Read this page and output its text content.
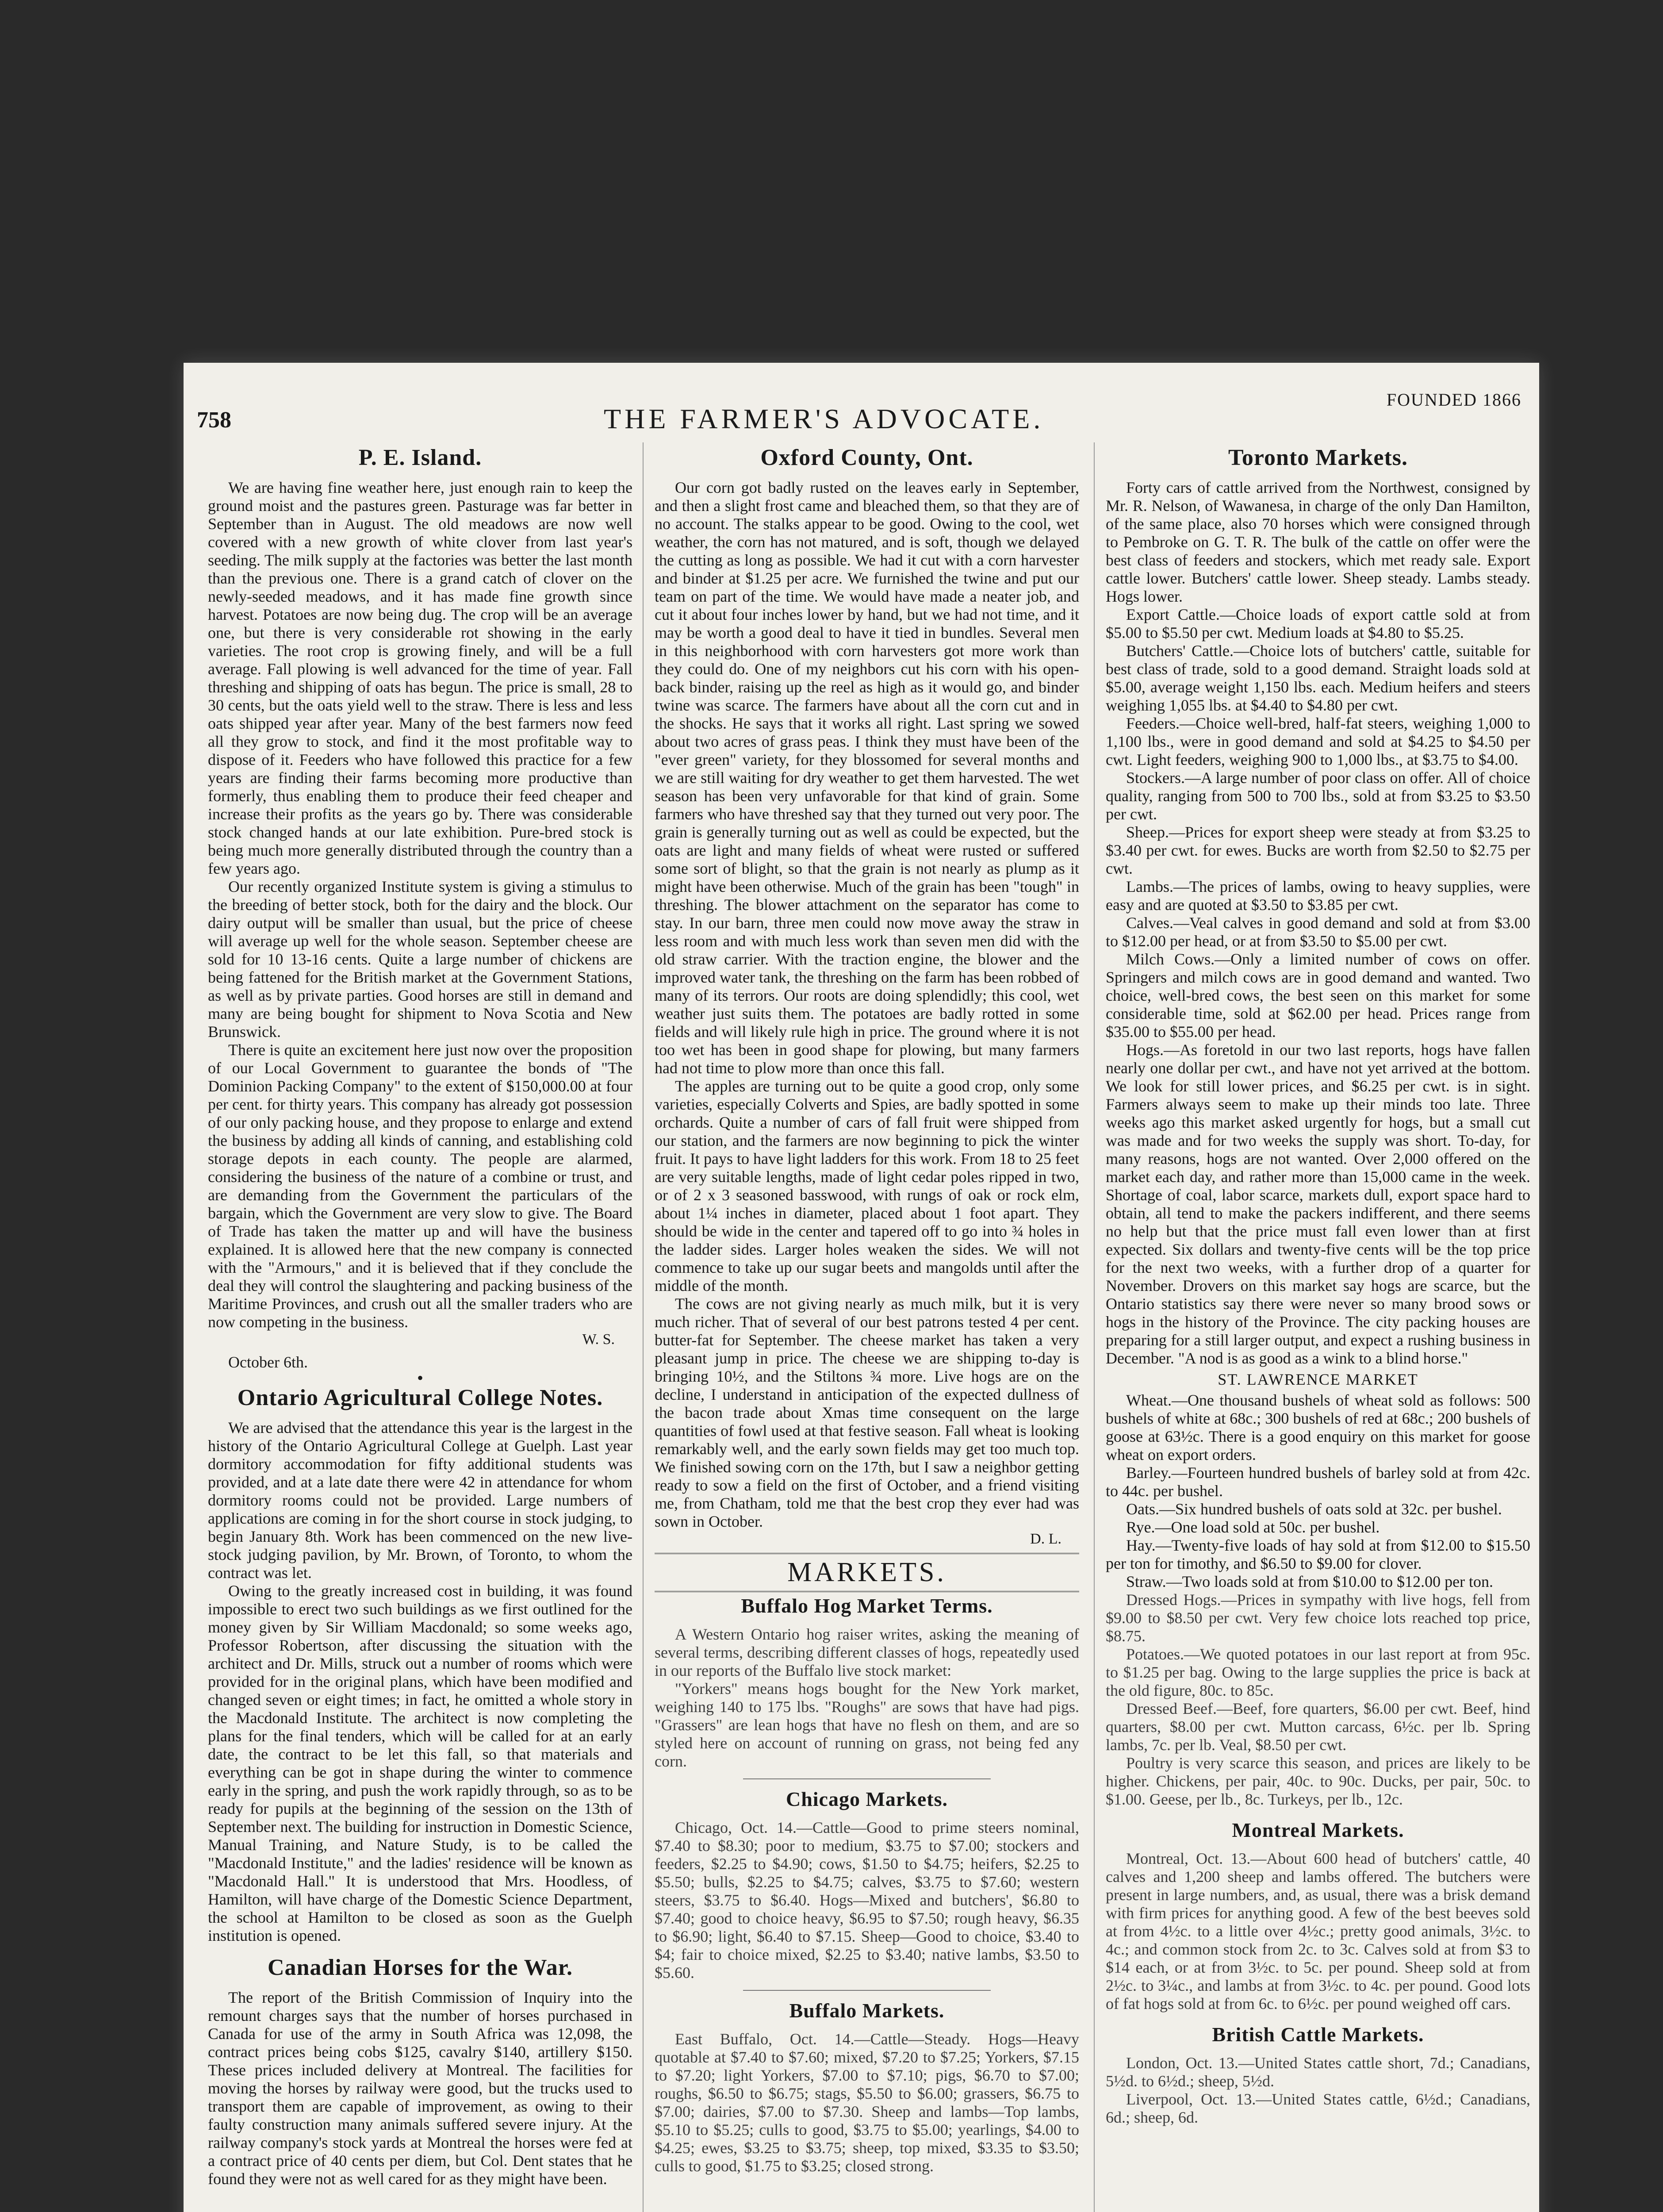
758	THE FARMER'S ADVOCATE.
FOUNDED 1866
P. E. Island.

We are having fine weather here, just enough rain to keep the ground moist and the pastures green. Pasturage was far better in September than in August. The old meadows are now well covered with a new growth of white clover from last year's seeding. The milk supply at the factories was better the last month than the previous one. There is a grand catch of clover on the newly-seeded meadows, and it has made fine growth since harvest. Potatoes are now being dug. The crop will be an average one, but there is very considerable rot showing in the early varieties. The root crop is growing finely, and will be a full average. Fall plowing is well advanced for the time of year. Fall threshing and shipping of oats has begun. The price is small, 28 to 30 cents, but the oats yield well to the straw. There is less and less oats shipped year after year. Many of the best farmers now feed all they grow to stock, and find it the most profitable way to dispose of it. Feeders who have followed this practice for a few years are finding their farms becoming more productive than formerly, thus enabling them to produce their feed cheaper and increase their profits as the years go by. There was considerable stock changed hands at our late exhibition. Pure-bred stock is being much more generally distributed through the country than a few years ago.

Our recently organized Institute system is giving a stimulus to the breeding of better stock, both for the dairy and the block. Our dairy output will be smaller than usual, but the price of cheese will average up well for the whole season. September cheese are sold for 10 13-16 cents. Quite a large number of chickens are being fattened for the British market at the Government Stations, as well as by private parties. Good horses are still in demand and many are being bought for shipment to Nova Scotia and New Brunswick.

There is quite an excitement here just now over the proposition of our Local Government to guarantee the bonds of "The Dominion Packing Company" to the extent of $150,000.00 at four per cent. for thirty years. This company has already got possession of our only packing house, and they propose to enlarge and extend the business by adding all kinds of canning, and establishing cold storage depots in each county. The people are alarmed, considering the business of the nature of a combine or trust, and are demanding from the Government the particulars of the bargain, which the Government are very slow to give. The Board of Trade has taken the matter up and will have the business explained. It is allowed here that the new company is connected with the "Armours," and it is believed that if they conclude the deal they will control the slaughtering and packing business of the Maritime Provinces, and crush out all the smaller traders who are now competing in the business.

W. S.
October 6th.
•
Ontario Agricultural College Notes.

We are advised that the attendance this year is the largest in the history of the Ontario Agricultural College at Guelph. Last year dormitory accommodation for fifty additional students was provided, and at a late date there were 42 in attendance for whom dormitory rooms could not be provided. Large numbers of applications are coming in for the short course in stock judging, to begin January 8th. Work has been commenced on the new live-stock judging pavilion, by Mr. Brown, of Toronto, to whom the contract was let.

Owing to the greatly increased cost in building, it was found impossible to erect two such buildings as we first outlined for the money given by Sir William Macdonald; so some weeks ago, Professor Robertson, after discussing the situation with the architect and Dr. Mills, struck out a number of rooms which were provided for in the original plans, which have been modified and changed seven or eight times; in fact, he omitted a whole story in the Macdonald Institute. The architect is now completing the plans for the final tenders, which will be called for at an early date, the contract to be let this fall, so that materials and everything can be got in shape during the winter to commence early in the spring, and push the work rapidly through, so as to be ready for pupils at the beginning of the session on the 13th of September next. The building for instruction in Domestic Science, Manual Training, and Nature Study, is to be called the "Macdonald Institute," and the ladies' residence will be known as "Macdonald Hall." It is understood that Mrs. Hoodless, of Hamilton, will have charge of the Domestic Science Department, the school at Hamilton to be closed as soon as the Guelph institution is opened.

Canadian Horses for the War.

The report of the British Commission of Inquiry into the remount charges says that the number of horses purchased in Canada for use of the army in South Africa was 12,098, the contract prices being cobs $125, cavalry $140, artillery $150. These prices included delivery at Montreal. The facilities for moving the horses by railway were good, but the trucks used to transport them are capable of improvement, as owing to their faulty construction many animals suffered severe injury. At the railway company's stock yards at Montreal the horses were fed at a contract price of 40 cents per diem, but Col. Dent states that he found they were not as well cared for as they might have been.

Oxford County, Ont.

Our corn got badly rusted on the leaves early in September, and then a slight frost came and bleached them, so that they are of no account. The stalks appear to be good. Owing to the cool, wet weather, the corn has not matured, and is soft, though we delayed the cutting as long as possible. We had it cut with a corn harvester and binder at $1.25 per acre. We furnished the twine and put our team on part of the time. We would have made a neater job, and cut it about four inches lower by hand, but we had not time, and it may be worth a good deal to have it tied in bundles. Several men in this neighborhood with corn harvesters got more work than they could do. One of my neighbors cut his corn with his open-back binder, raising up the reel as high as it would go, and binder twine was scarce. The farmers have about all the corn cut and in the shocks. He says that it works all right. Last spring we sowed about two acres of grass peas. I think they must have been of the "ever green" variety, for they blossomed for several months and we are still waiting for dry weather to get them harvested. The wet season has been very unfavorable for that kind of grain. Some farmers who have threshed say that they turned out very poor. The grain is generally turning out as well as could be expected, but the oats are light and many fields of wheat were rusted or suffered some sort of blight, so that the grain is not nearly as plump as it might have been otherwise. Much of the grain has been "tough" in threshing. The blower attachment on the separator has come to stay. In our barn, three men could now move away the straw in less room and with much less work than seven men did with the old straw carrier. With the traction engine, the blower and the improved water tank, the threshing on the farm has been robbed of many of its terrors. Our roots are doing splendidly; this cool, wet weather just suits them. The potatoes are badly rotted in some fields and will likely rule high in price. The ground where it is not too wet has been in good shape for plowing, but many farmers had not time to plow more than once this fall.

The apples are turning out to be quite a good crop, only some varieties, especially Colverts and Spies, are badly spotted in some orchards. Quite a number of cars of fall fruit were shipped from our station, and the farmers are now beginning to pick the winter fruit. It pays to have light ladders for this work. From 18 to 25 feet are very suitable lengths, made of light cedar poles ripped in two, or of 2 x 3 seasoned basswood, with rungs of oak or rock elm, about 1¼ inches in diameter, placed about 1 foot apart. They should be wide in the center and tapered off to go into ¾ holes in the ladder sides. Larger holes weaken the sides. We will not commence to take up our sugar beets and mangolds until after the middle of the month.

The cows are not giving nearly as much milk, but it is very much richer. That of several of our best patrons tested 4 per cent. butter-fat for September. The cheese market has taken a very pleasant jump in price. The cheese we are shipping to-day is bringing 10½, and the Stiltons ¾ more. Live hogs are on the decline, I understand in anticipation of the expected dullness of the bacon trade about Xmas time consequent on the large quantities of fowl used at that festive season. Fall wheat is looking remarkably well, and the early sown fields may get too much top. We finished sowing corn on the 17th, but I saw a neighbor getting ready to sow a field on the first of October, and a friend visiting me, from Chatham, told me that the best crop they ever had was sown in October.

D. L.
MARKETS.
Buffalo Hog Market Terms.

A Western Ontario hog raiser writes, asking the meaning of several terms, describing different classes of hogs, repeatedly used in our reports of the Buffalo live stock market:

"Yorkers" means hogs bought for the New York market, weighing 140 to 175 lbs. "Roughs" are sows that have had pigs. "Grassers" are lean hogs that have no flesh on them, and are so styled here on account of running on grass, not being fed any corn.

Chicago Markets.

Chicago, Oct. 14.—Cattle—Good to prime steers nominal, $7.40 to $8.30; poor to medium, $3.75 to $7.00; stockers and feeders, $2.25 to $4.90; cows, $1.50 to $4.75; heifers, $2.25 to $5.50; bulls, $2.25 to $4.75; calves, $3.75 to $7.60; western steers, $3.75 to $6.40. Hogs—Mixed and butchers', $6.80 to $7.40; good to choice heavy, $6.95 to $7.50; rough heavy, $6.35 to $6.90; light, $6.40 to $7.15. Sheep—Good to choice, $3.40 to $4; fair to choice mixed, $2.25 to $3.40; native lambs, $3.50 to $5.60.

Buffalo Markets.

East Buffalo, Oct. 14.—Cattle—Steady. Hogs—Heavy quotable at $7.40 to $7.60; mixed, $7.20 to $7.25; Yorkers, $7.15 to $7.20; light Yorkers, $7.00 to $7.10; pigs, $6.70 to $7.00; roughs, $6.50 to $6.75; stags, $5.50 to $6.00; grassers, $6.75 to $7.00; dairies, $7.00 to $7.30. Sheep and lambs—Top lambs, $5.10 to $5.25; culls to good, $3.75 to $5.00; yearlings, $4.00 to $4.25; ewes, $3.25 to $3.75; sheep, top mixed, $3.35 to $3.50; culls to good, $1.75 to $3.25; closed strong.

Toronto Markets.

Forty cars of cattle arrived from the Northwest, consigned by Mr. R. Nelson, of Wawanesa, in charge of the only Dan Hamilton, of the same place, also 70 horses which were consigned through to Pembroke on G. T. R. The bulk of the cattle on offer were the best class of feeders and stockers, which met ready sale. Export cattle lower. Butchers' cattle lower. Sheep steady. Lambs steady. Hogs lower.

Export Cattle.—Choice loads of export cattle sold at from $5.00 to $5.50 per cwt. Medium loads at $4.80 to $5.25.

Butchers' Cattle.—Choice lots of butchers' cattle, suitable for best class of trade, sold to a good demand. Straight loads sold at $5.00, average weight 1,150 lbs. each. Medium heifers and steers weighing 1,055 lbs. at $4.40 to $4.80 per cwt.

Feeders.—Choice well-bred, half-fat steers, weighing 1,000 to 1,100 lbs., were in good demand and sold at $4.25 to $4.50 per cwt. Light feeders, weighing 900 to 1,000 lbs., at $3.75 to $4.00.

Stockers.—A large number of poor class on offer. All of choice quality, ranging from 500 to 700 lbs., sold at from $3.25 to $3.50 per cwt.

Sheep.—Prices for export sheep were steady at from $3.25 to $3.40 per cwt. for ewes. Bucks are worth from $2.50 to $2.75 per cwt.

Lambs.—The prices of lambs, owing to heavy supplies, were easy and are quoted at $3.50 to $3.85 per cwt.

Calves.—Veal calves in good demand and sold at from $3.00 to $12.00 per head, or at from $3.50 to $5.00 per cwt.

Milch Cows.—Only a limited number of cows on offer. Springers and milch cows are in good demand and wanted. Two choice, well-bred cows, the best seen on this market for some considerable time, sold at $62.00 per head. Prices range from $35.00 to $55.00 per head.

Hogs.—As foretold in our two last reports, hogs have fallen nearly one dollar per cwt., and have not yet arrived at the bottom. We look for still lower prices, and $6.25 per cwt. is in sight. Farmers always seem to make up their minds too late. Three weeks ago this market asked urgently for hogs, but a small cut was made and for two weeks the supply was short. To-day, for many reasons, hogs are not wanted. Over 2,000 offered on the market each day, and rather more than 15,000 came in the week. Shortage of coal, labor scarce, markets dull, export space hard to obtain, all tend to make the packers indifferent, and there seems no help but that the price must fall even lower than at first expected. Six dollars and twenty-five cents will be the top price for the next two weeks, with a further drop of a quarter for November. Drovers on this market say hogs are scarce, but the Ontario statistics say there were never so many brood sows or hogs in the history of the Province. The city packing houses are preparing for a still larger output, and expect a rushing business in December. "A nod is as good as a wink to a blind horse."

ST. LAWRENCE MARKET

Wheat.—One thousand bushels of wheat sold as follows: 500 bushels of white at 68c.; 300 bushels of red at 68c.; 200 bushels of goose at 63½c. There is a good enquiry on this market for goose wheat on export orders.

Barley.—Fourteen hundred bushels of barley sold at from 42c. to 44c. per bushel.

Oats.—Six hundred bushels of oats sold at 32c. per bushel.

Rye.—One load sold at 50c. per bushel.

Hay.—Twenty-five loads of hay sold at from $12.00 to $15.50 per ton for timothy, and $6.50 to $9.00 for clover.

Straw.—Two loads sold at from $10.00 to $12.00 per ton.

Dressed Hogs.—Prices in sympathy with live hogs, fell from $9.00 to $8.50 per cwt. Very few choice lots reached top price, $8.75.

Potatoes.—We quoted potatoes in our last report at from 95c. to $1.25 per bag. Owing to the large supplies the price is back at the old figure, 80c. to 85c.

Dressed Beef.—Beef, fore quarters, $6.00 per cwt. Beef, hind quarters, $8.00 per cwt. Mutton carcass, 6½c. per lb. Spring lambs, 7c. per lb. Veal, $8.50 per cwt.

Poultry is very scarce this season, and prices are likely to be higher. Chickens, per pair, 40c. to 90c. Ducks, per pair, 50c. to $1.00. Geese, per lb., 8c. Turkeys, per lb., 12c.

Montreal Markets.

Montreal, Oct. 13.—About 600 head of butchers' cattle, 40 calves and 1,200 sheep and lambs offered. The butchers were present in large numbers, and, as usual, there was a brisk demand with firm prices for anything good. A few of the best beeves sold at from 4½c. to a little over 4½c.; pretty good animals, 3½c. to 4c.; and common stock from 2c. to 3c. Calves sold at from $3 to $14 each, or at from 3½c. to 5c. per pound. Sheep sold at from 2½c. to 3¼c., and lambs at from 3½c. to 4c. per pound. Good lots of fat hogs sold at from 6c. to 6½c. per pound weighed off cars.

British Cattle Markets.

London, Oct. 13.—United States cattle short, 7d.; Canadians, 5½d. to 6½d.; sheep, 5½d.

Liverpool, Oct. 13.—United States cattle, 6½d.; Canadians, 6d.; sheep, 6d.
